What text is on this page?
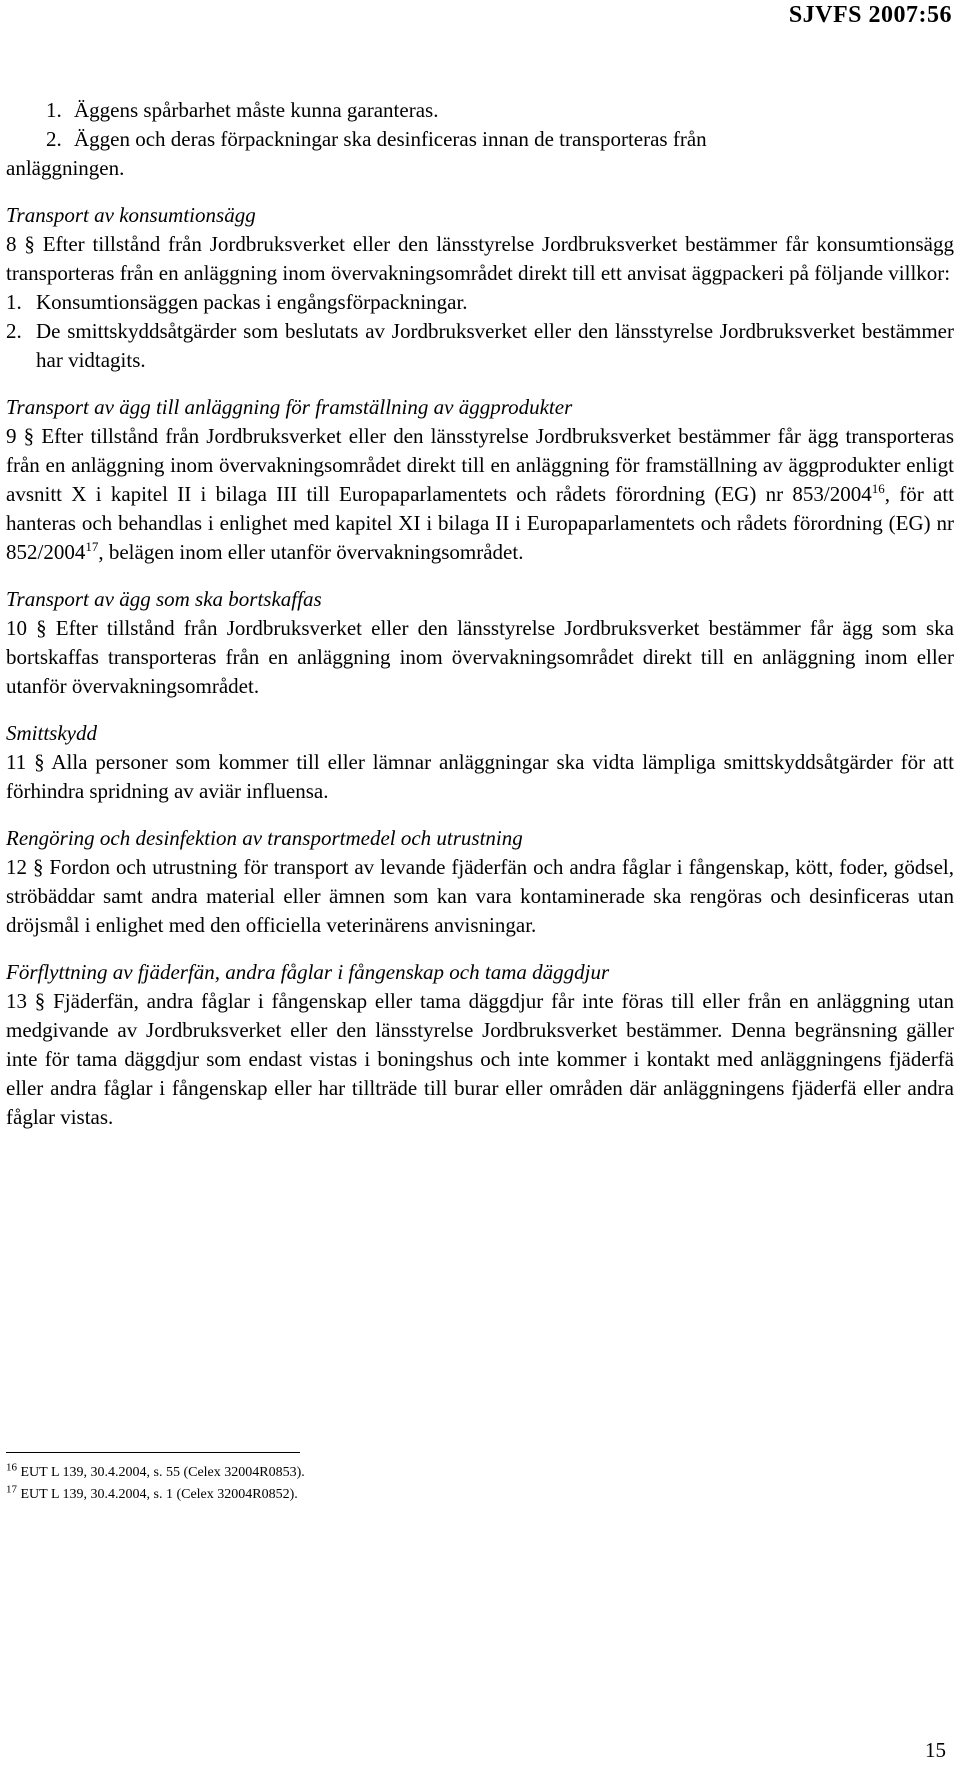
SJVFS 2007:56
1. Äggens spårbarhet måste kunna garanteras.
2. Äggen och deras förpackningar ska desinficeras innan de transporteras från
anläggningen.
Transport av konsumtionsägg

8 § Efter tillstånd från Jordbruksverket eller den länsstyrelse Jordbruksverket bestämmer får konsumtionsägg transporteras från en anläggning inom övervakningsområdet direkt till ett anvisat äggpackeri på följande villkor:

1. Konsumtionsäggen packas i engångsförpackningar.
2. De smittskyddsåtgärder som beslutats av Jordbruksverket eller den länsstyrelse Jordbruksverket bestämmer har vidtagits.
Transport av ägg till anläggning för framställning av äggprodukter

9 § Efter tillstånd från Jordbruksverket eller den länsstyrelse Jordbruksverket bestämmer får ägg transporteras från en anläggning inom övervakningsområdet direkt till en anläggning för framställning av äggprodukter enligt avsnitt X i kapitel II i bilaga III till Europaparlamentets och rådets förordning (EG) nr 853/2004$^{16}$, för att hanteras och behandlas i enlighet med kapitel XI i bilaga II i Europaparlamentets och rådets förordning (EG) nr 852/2004$^{17}$, belägen inom eller utanför övervakningsområdet.

Transport av ägg som ska bortskaffas

10 § Efter tillstånd från Jordbruksverket eller den länsstyrelse Jordbruksverket bestämmer får ägg som ska bortskaffas transporteras från en anläggning inom övervakningsområdet direkt till en anläggning inom eller utanför övervakningsområdet.

Smittskydd

11 § Alla personer som kommer till eller lämnar anläggningar ska vidta lämpliga smittskyddsåtgärder för att förhindra spridning av aviär influensa.

Rengöring och desinfektion av transportmedel och utrustning

12 § Fordon och utrustning för transport av levande fjäderfän och andra fåglar i fångenskap, kött, foder, gödsel, ströbäddar samt andra material eller ämnen som kan vara kontaminerade ska rengöras och desinficeras utan dröjsmål i enlighet med den officiella veterinärens anvisningar.

Förflyttning av fjäderfän, andra fåglar i fångenskap och tama däggdjur

13 § Fjäderfän, andra fåglar i fångenskap eller tama däggdjur får inte föras till eller från en anläggning utan medgivande av Jordbruksverket eller den länsstyrelse Jordbruksverket bestämmer. Denna begränsning gäller inte för tama däggdjur som endast vistas i boningshus och inte kommer i kontakt med anläggningens fjäderfä eller andra fåglar i fångenskap eller har tillträde till burar eller områden där anläggningens fjäderfä eller andra fåglar vistas.

$^{16}$ EUT L 139, 30.4.2004, s. 55 (Celex 32004R0853).
$^{17}$ EUT L 139, 30.4.2004, s. 1 (Celex 32004R0852).
15
